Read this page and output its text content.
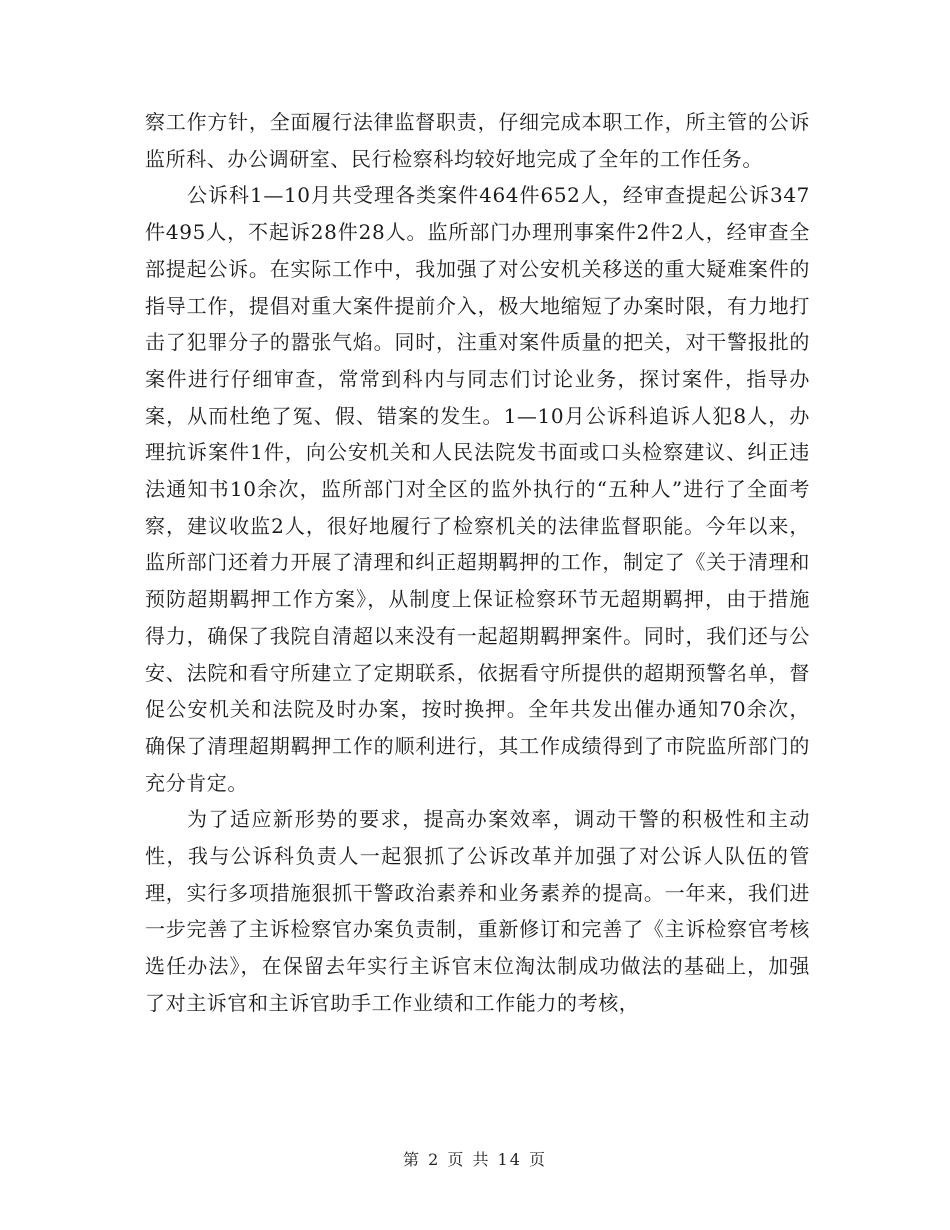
察工作方针，全面履行法律监督职责，仔细完成本职工作，所主管的公诉监所科、办公调研室、民行检察科均较好地完成了全年的工作任务。

公诉科1—10月共受理各类案件464件652人，经审查提起公诉347件495人，不起诉28件28人。监所部门办理刑事案件2件2人，经审查全部提起公诉。在实际工作中，我加强了对公安机关移送的重大疑难案件的指导工作，提倡对重大案件提前介入，极大地缩短了办案时限，有力地打击了犯罪分子的嚣张气焰。同时，注重对案件质量的把关，对干警报批的案件进行仔细审查，常常到科内与同志们讨论业务，探讨案件，指导办案，从而杜绝了冤、假、错案的发生。1—10月公诉科追诉人犯8人，办理抗诉案件1件，向公安机关和人民法院发书面或口头检察建议、纠正违法通知书10余次，监所部门对全区的监外执行的“五种人”进行了全面考察，建议收监2人，很好地履行了检察机关的法律监督职能。今年以来，监所部门还着力开展了清理和纠正超期羁押的工作，制定了《关于清理和预防超期羁押工作方案》，从制度上保证检察环节无超期羁押，由于措施得力，确保了我院自清超以来没有一起超期羁押案件。同时，我们还与公安、法院和看守所建立了定期联系，依据看守所提供的超期预警名单，督促公安机关和法院及时办案，按时换押。全年共发出催办通知70余次，确保了清理超期羁押工作的顺利进行，其工作成绩得到了市院监所部门的充分肯定。

为了适应新形势的要求，提高办案效率，调动干警的积极性和主动性，我与公诉科负责人一起狠抓了公诉改革并加强了对公诉人队伍的管理，实行多项措施狠抓干警政治素养和业务素养的提高。一年来，我们进一步完善了主诉检察官办案负责制，重新修订和完善了《主诉检察官考核选任办法》，在保留去年实行主诉官末位淘汰制成功做法的基础上，加强了对主诉官和主诉官助手工作业绩和工作能力的考核，

第 2 页 共 14 页
